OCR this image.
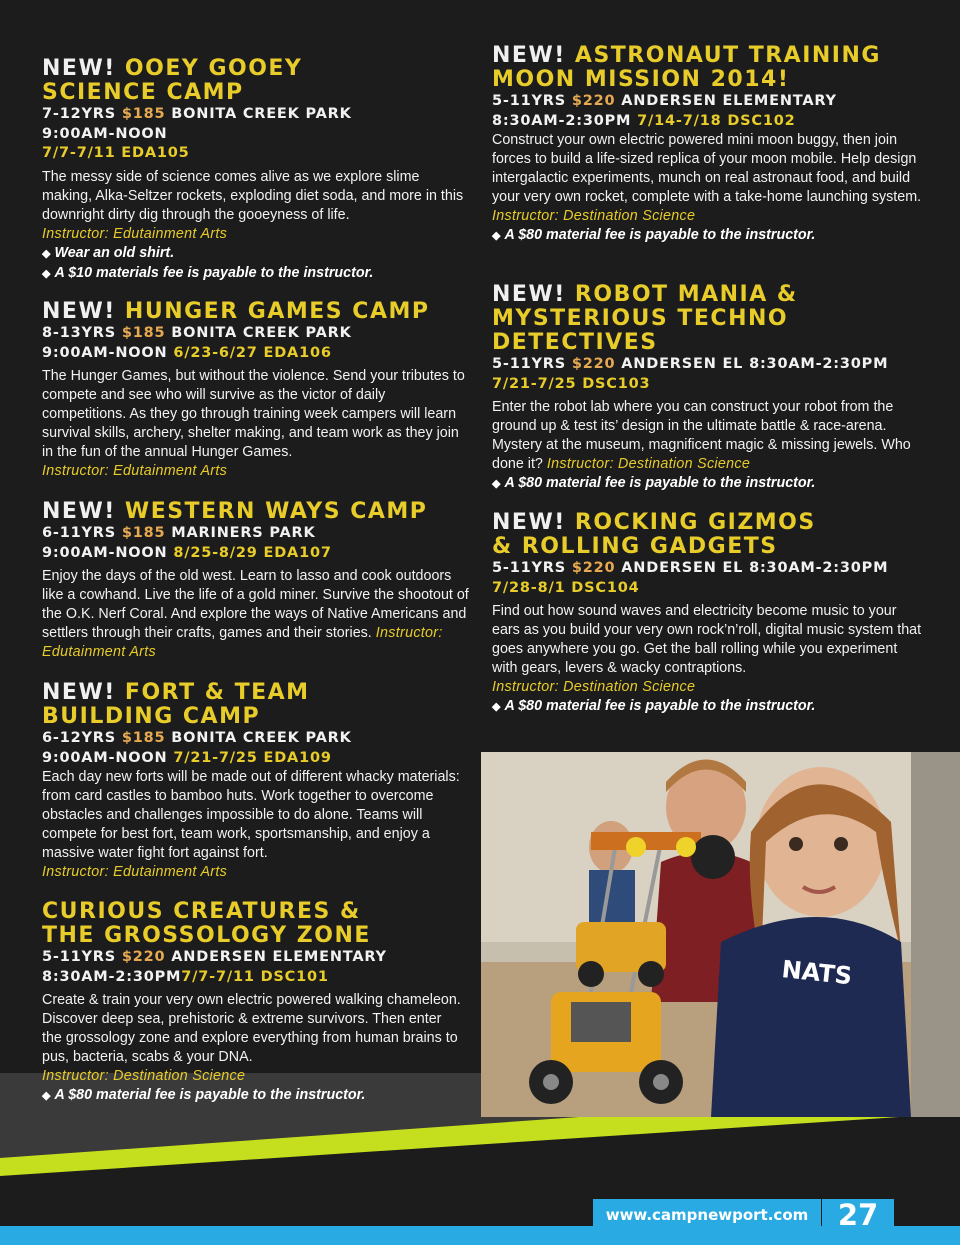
NEW! OOEY GOOEY
SCIENCE CAMP
7-12YRS $185 BONITA CREEK PARK
9:00AM-NOON
7/7-7/11 EDA105
The messy side of science comes alive as we explore slime making, Alka-Seltzer rockets, exploding diet soda, and more in this downright dirty dig through the gooeyness of life.
Instructor: Edutainment Arts
◆ Wear an old shirt.
◆ A $10 materials fee is payable to the instructor.
NEW! HUNGER GAMES CAMP
8-13YRS $185 BONITA CREEK PARK
9:00AM-NOON 6/23-6/27 EDA106
The Hunger Games, but without the violence. Send your tributes to compete and see who will survive as the victor of daily competitions. As they go through training week campers will learn survival skills, archery, shelter making, and team work as they join in the fun of the annual Hunger Games.
Instructor: Edutainment Arts
NEW! WESTERN WAYS CAMP
6-11YRS $185 MARINERS PARK
9:00AM-NOON 8/25-8/29 EDA107
Enjoy the days of the old west. Learn to lasso and cook outdoors like a cowhand. Live the life of a gold miner. Survive the shootout of the O.K. Nerf Coral. And explore the ways of Native Americans and settlers through their crafts, games and their stories. Instructor: Edutainment Arts
NEW! FORT & TEAM
BUILDING CAMP
6-12YRS $185 BONITA CREEK PARK
9:00AM-NOON 7/21-7/25 EDA109
Each day new forts will be made out of different whacky materials: from card castles to bamboo huts. Work together to overcome obstacles and challenges impossible to do alone. Teams will compete for best fort, team work, sportsmanship, and enjoy a massive water fight fort against fort.
Instructor: Edutainment Arts
CURIOUS CREATURES &
THE GROSSOLOGY ZONE
5-11YRS $220 ANDERSEN ELEMENTARY
8:30AM-2:30PM7/7-7/11 DSC101
Create & train your very own electric powered walking chameleon. Discover deep sea, prehistoric & extreme survivors. Then enter the grossology zone and explore everything from human brains to pus, bacteria, scabs & your DNA.
Instructor: Destination Science
◆ A $80 material fee is payable to the instructor.
NEW! ASTRONAUT TRAINING
MOON MISSION 2014!
5-11YRS $220 ANDERSEN ELEMENTARY
8:30AM-2:30PM 7/14-7/18 DSC102
Construct your own electric powered mini moon buggy, then join forces to build a life-sized replica of your moon mobile. Help design intergalactic experiments, munch on real astronaut food, and build your very own rocket, complete with a take-home launching system.
Instructor: Destination Science
◆ A $80 material fee is payable to the instructor.
NEW! ROBOT MANIA &
MYSTERIOUS TECHNO
DETECTIVES
5-11YRS $220 ANDERSEN EL 8:30AM-2:30PM
7/21-7/25 DSC103
Enter the robot lab where you can construct your robot from the ground up & test its’ design in the ultimate battle & race-arena. Mystery at the museum, magnificent magic & missing jewels. Who done it? Instructor: Destination Science
◆ A $80 material fee is payable to the instructor.
NEW! ROCKING GIZMOS
& ROLLING GADGETS
5-11YRS $220 ANDERSEN EL 8:30AM-2:30PM
7/28-8/1 DSC104
Find out how sound waves and electricity become music to your ears as you build your very own rock’n’roll, digital music system that goes anywhere you go. Get the ball rolling while you experiment with gears, levers & wacky contraptions.
Instructor: Destination Science
◆ A $80 material fee is payable to the instructor.
NATS
www.campnewport.com	27
